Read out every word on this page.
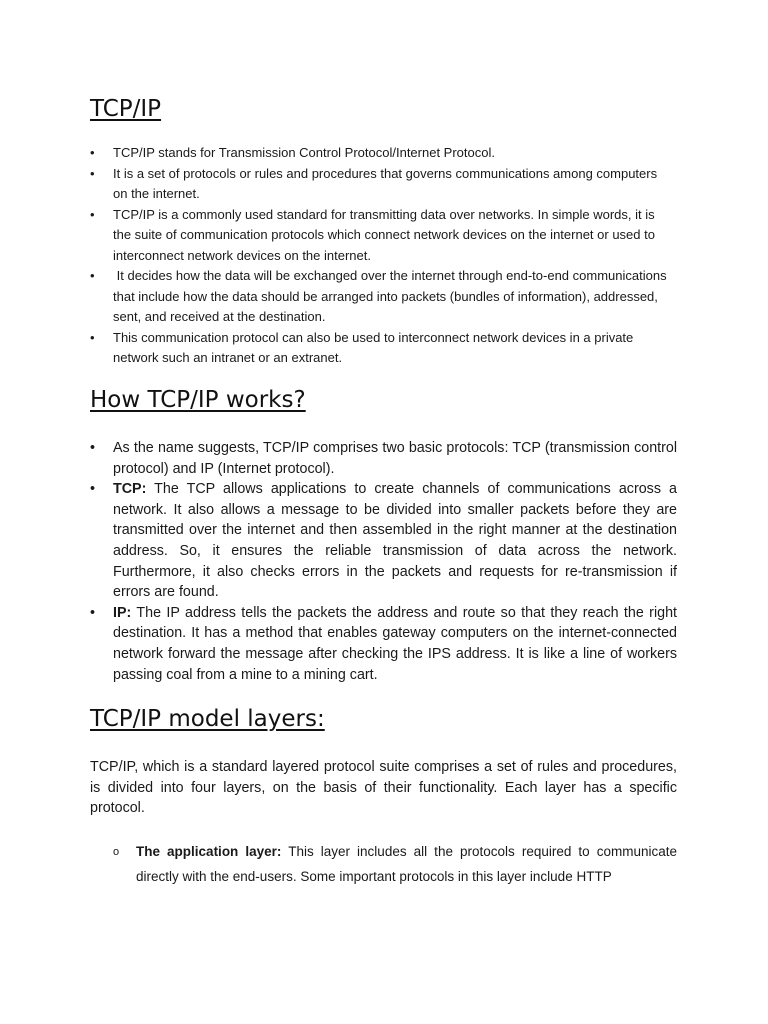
TCP/IP
• TCP/IP stands for Transmission Control Protocol/Internet Protocol.
• It is a set of protocols or rules and procedures that governs communications among computers on the internet.
• TCP/IP is a commonly used standard for transmitting data over networks. In simple words, it is the suite of communication protocols which connect network devices on the internet or used to interconnect network devices on the internet.
• It decides how the data will be exchanged over the internet through end-to-end communications that include how the data should be arranged into packets (bundles of information), addressed, sent, and received at the destination.
• This communication protocol can also be used to interconnect network devices in a private network such an intranet or an extranet.
How TCP/IP works?
• As the name suggests, TCP/IP comprises two basic protocols: TCP (transmission control protocol) and IP (Internet protocol).
• TCP: The TCP allows applications to create channels of communications across a network. It also allows a message to be divided into smaller packets before they are transmitted over the internet and then assembled in the right manner at the destination address. So, it ensures the reliable transmission of data across the network. Furthermore, it also checks errors in the packets and requests for re-transmission if errors are found.
• IP: The IP address tells the packets the address and route so that they reach the right destination. It has a method that enables gateway computers on the internet-connected network forward the message after checking the IPS address. It is like a line of workers passing coal from a mine to a mining cart.
TCP/IP model layers:

TCP/IP, which is a standard layered protocol suite comprises a set of rules and procedures, is divided into four layers, on the basis of their functionality. Each layer has a specific protocol.

o The application layer: This layer includes all the protocols required to communicate directly with the end-users. Some important protocols in this layer include HTTP
